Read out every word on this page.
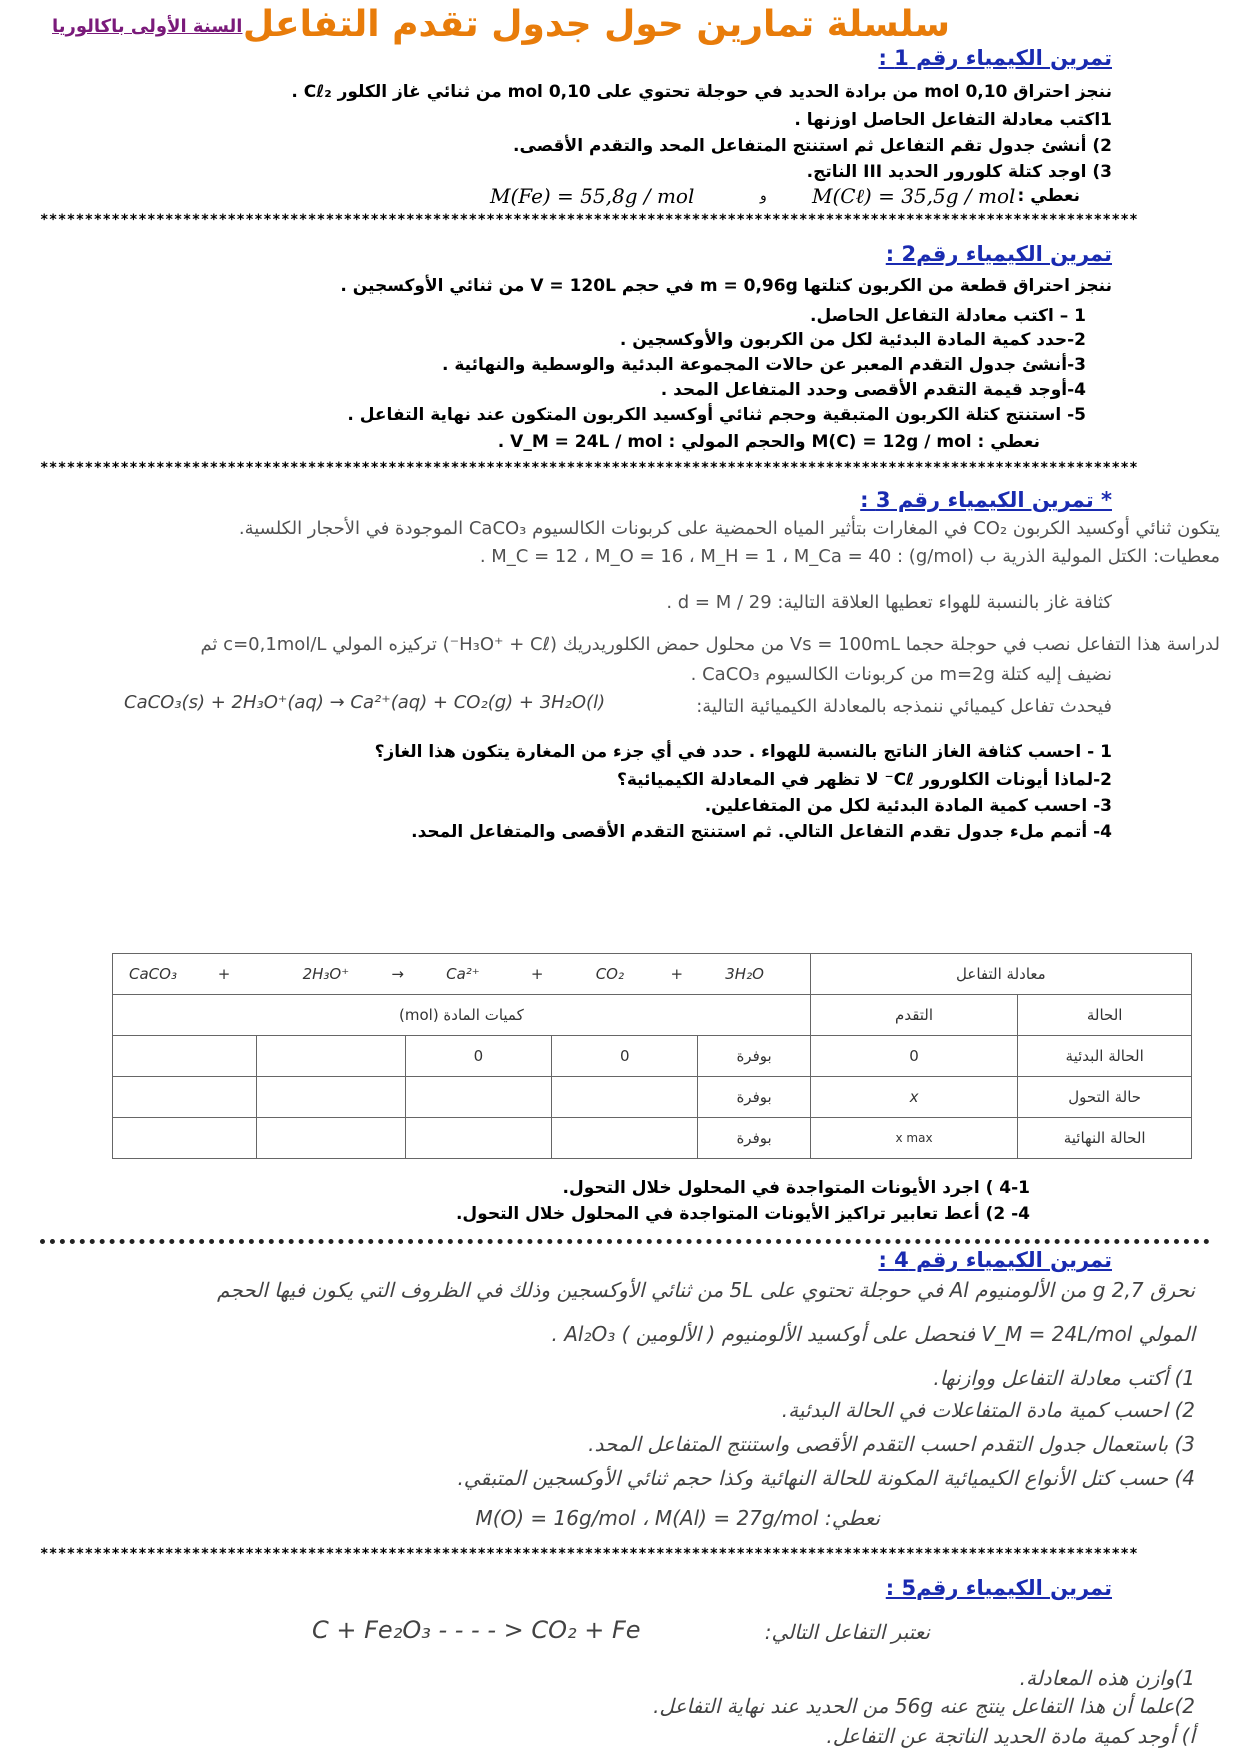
سلسلة تمارين حول جدول تقدم التفاعل
السنة الأولى باكالوريا
تمرين الكيمياء رقم 1 :
ننجز احتراق 0,10 mol من برادة الحديد في حوجلة تحتوي على 0,10 mol من ثنائي غاز الكلور Cℓ₂ .
1اكتب معادلة التفاعل الحاصل اوزنها .
2) أنشئ جدول تقم التفاعل ثم استنتج المتفاعل المحد والتقدم الأقصى.
3) اوجد كتلة كلورور الحديد III الناتج.
نعطي :
M(Cℓ) = 35,5g / mol
و
M(Fe) = 55,8g / mol
***************************************************************************************************************************
تمرين الكيمياء رقم2 :
ننجز احتراق قطعة من الكربون كتلتها m = 0,96g في حجم V = 120L من ثنائي الأوكسجين .
1 – اكتب معادلة التفاعل الحاصل.
2-حدد كمية المادة البدئية لكل من الكربون والأوكسجين .
3-أنشئ جدول التقدم المعبر عن حالات المجموعة البدئية والوسطية والنهائية .
4-أوجد قيمة التقدم الأقصى وحدد المتفاعل المحد .
5- استنتج كتلة الكربون المتبقية وحجم ثنائي أوكسيد الكربون المتكون عند نهاية التفاعل .
نعطي : M(C) = 12g / mol والحجم المولي : V_M = 24L / mol .
***************************************************************************************************************************
* تمرين الكيمياء رقم 3 :
يتكون ثنائي أوكسيد الكربون CO₂ في المغارات بتأثير المياه الحمضية على كربونات الكالسيوم CaCO₃ الموجودة في الأحجار الكلسية.
معطيات: الكتل المولية الذرية ب (g/mol) : M_C = 12 ، M_O = 16 ، M_H = 1 ، M_Ca = 40 .
كثافة غاز بالنسبة للهواء تعطيها العلاقة التالية: d = M / 29 .
لدراسة هذا التفاعل نصب في حوجلة حجما Vs = 100mL من محلول حمض الكلوريدريك (H₃O⁺ + Cℓ⁻) تركيزه المولي c=0,1mol/L ثم
نضيف إليه كتلة m=2g من كربونات الكالسيوم CaCO₃ .
فيحدث تفاعل كيميائي ننمذجه بالمعادلة الكيميائية التالية:
CaCO₃(s) + 2H₃O⁺(aq) → Ca²⁺(aq) + CO₂(g) + 3H₂O(l)
1 - احسب كثافة الغاز الناتج بالنسبة للهواء . حدد في أي جزء من المغارة يتكون هذا الغاز؟
2-لماذا أيونات الكلورور Cℓ⁻ لا تظهر في المعادلة الكيميائية؟
3- احسب كمية المادة البدئية لكل من المتفاعلين.
4- أتمم ملء جدول تقدم التفاعل التالي. ثم استنتج التقدم الأقصى والمتفاعل المحد.
CaCO₃ + 2H₃O⁺ → Ca²⁺ + CO₂ + 3H₂O					معادلة التفاعل	
كميات المادة (mol)					التقدم	الحالة
		0	0	بوفرة	0	الحالة البدئية
				بوفرة	x	حالة التحول
				بوفرة	x max	الحالة النهائية
4-1 ) اجرد الأيونات المتواجدة في المحلول خلال التحول.
4- 2) أعط تعابير تراكيز الأيونات المتواجدة في المحلول خلال التحول.
تمرين الكيمياء رقم 4 :
نحرق 2,7 g من الألومنيوم Al في حوجلة تحتوي على 5L من ثنائي الأوكسجين وذلك في الظروف التي يكون فيها الحجم
المولي V_M = 24L/mol فنحصل على أوكسيد الألومنيوم ( الألومين ) Al₂O₃ .
1) أكتب معادلة التفاعل ووازنها.
2) احسب كمية مادة المتفاعلات في الحالة البدئية.
3) باستعمال جدول التقدم احسب التقدم الأقصى واستنتج المتفاعل المحد.
4) حسب كتل الأنواع الكيميائية المكونة للحالة النهائية وكذا حجم ثنائي الأوكسجين المتبقي.
نعطي: M(O) = 16g/mol ، M(Al) = 27g/mol
***************************************************************************************************************************
تمرين الكيمياء رقم5 :
نعتبر التفاعل التالي:
C + Fe₂O₃ - - - - > CO₂ + Fe
1)وازن هذه المعادلة.
2)علما أن هذا التفاعل ينتج عنه 56g من الحديد عند نهاية التفاعل.
أ) أوجد كمية مادة الحديد الناتجة عن التفاعل.
